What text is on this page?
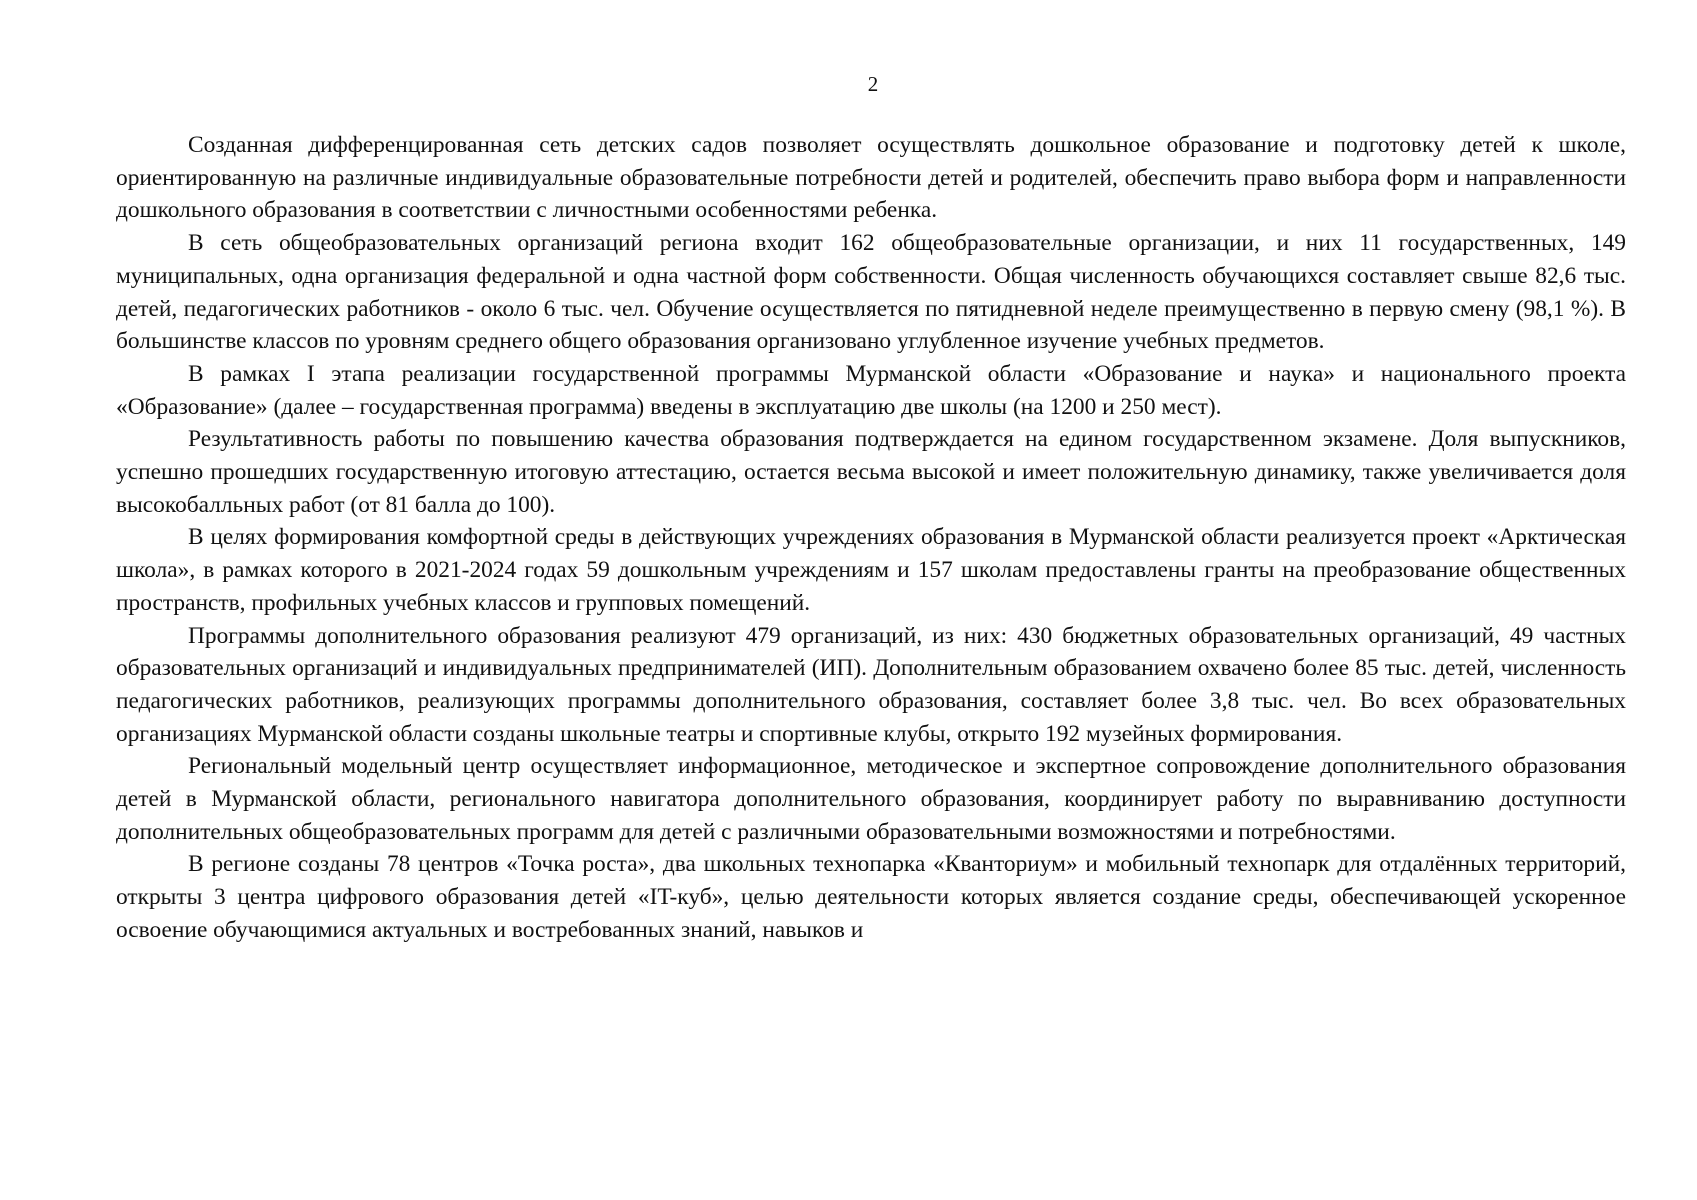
2

Созданная дифференцированная сеть детских садов позволяет осуществлять дошкольное образование и подготовку детей к школе, ориентированную на различные индивидуальные образовательные потребности детей и родителей, обеспечить право выбора форм и направленности дошкольного образования в соответствии с личностными особенностями ребенка.

В сеть общеобразовательных организаций региона входит 162 общеобразовательные организации, и них 11 государственных, 149 муниципальных, одна организация федеральной и одна частной форм собственности. Общая численность обучающихся составляет свыше 82,6 тыс. детей, педагогических работников - около 6 тыс. чел. Обучение осуществляется по пятидневной неделе преимущественно в первую смену (98,1 %). В большинстве классов по уровням среднего общего образования организовано углубленное изучение учебных предметов.

В рамках I этапа реализации государственной программы Мурманской области «Образование и наука» и национального проекта «Образование» (далее – государственная программа) введены в эксплуатацию две школы (на 1200 и 250 мест).

Результативность работы по повышению качества образования подтверждается на едином государственном экзамене. Доля выпускников, успешно прошедших государственную итоговую аттестацию, остается весьма высокой и имеет положительную динамику, также увеличивается доля высокобалльных работ (от 81 балла до 100).

В целях формирования комфортной среды в действующих учреждениях образования в Мурманской области реализуется проект «Арктическая школа», в рамках которого в 2021-2024 годах 59 дошкольным учреждениям и 157 школам предоставлены гранты на преобразование общественных пространств, профильных учебных классов и групповых помещений.

Программы дополнительного образования реализуют 479 организаций, из них: 430 бюджетных образовательных организаций, 49 частных образовательных организаций и индивидуальных предпринимателей (ИП). Дополнительным образованием охвачено более 85 тыс. детей, численность педагогических работников, реализующих программы дополнительного образования, составляет более 3,8 тыс. чел. Во всех образовательных организациях Мурманской области созданы школьные театры и спортивные клубы, открыто 192 музейных формирования.

Региональный модельный центр осуществляет информационное, методическое и экспертное сопровождение дополнительного образования детей в Мурманской области, регионального навигатора дополнительного образования, координирует работу по выравниванию доступности дополнительных общеобразовательных программ для детей с различными образовательными возможностями и потребностями.

В регионе созданы 78 центров «Точка роста», два школьных технопарка «Кванториум» и мобильный технопарк для отдалённых территорий, открыты 3 центра цифрового образования детей «IT-куб», целью деятельности которых является создание среды, обеспечивающей ускоренное освоение обучающимися актуальных и востребованных знаний, навыков и
